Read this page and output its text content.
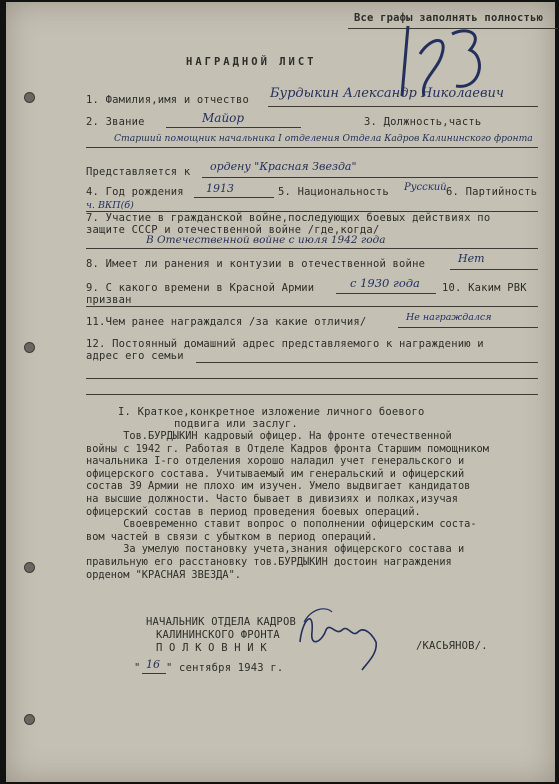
Все графы заполнять полностью
НАГРАДНОЙ ЛИСТ
1. Фамилия,имя и отчество Бурдыкин Александр Николаевич
2. Звание	Майор	3. Должность,часть
Старший помощник начальника I отделения Отдела Кадров Калининского фронта
Представляется к ордену "Красная Звезда"
4. Год рождения 1913	5. Национальность Русский 6. Партийность
ч. ВКП(б)
7. Участие в гражданской войне,последующих боевых действиях по
защите СССР и отечественной войне /где,когда/
В Отечественной войне с июля 1942 года
8. Имеет ли ранения и контузии в отечественной войне	Нет
9. С какого времени в Красной Армии	с 1930 года 10. Каким РВК
призван
11.Чем ранее награждался /за какие отличия/	Не награждался
12. Постоянный домашний адрес представляемого к награждению и
адрес его семьи
I. Краткое,конкретное изложение личного боевого
подвига или заслуг.
Тов.БУРДЫКИН кадровый офицер. На фронте отечественной
войны с 1942 г. Работая в Отделе Кадров фронта Старшим помощником
начальника I-го отделения хорошо наладил учет генеральского и
офицерского состава. Учитываемый им генеральский и офицерский
состав 39 Армии не плохо им изучен. Умело выдвигает кандидатов
на высшие должности. Часто бывает в дивизиях и полках,изучая
офицерский состав в период проведения боевых операций.
Своевременно ставит вопрос о пополнении офицерским соста-
вом частей в связи с убытком в период операций.
За умелую постановку учета,знания офицерского состава и
правильную его расстановку тов.БУРДЫКИН достоин награждения
орденом "КРАСНАЯ ЗВЕЗДА".
НАЧАЛЬНИК ОТДЕЛА КАДРОВ
КАЛИНИНСКОГО ФРОНТА
П О Л К О В Н И К	/КАСЬЯНОВ/.
" 16 " сентября 1943 г.
